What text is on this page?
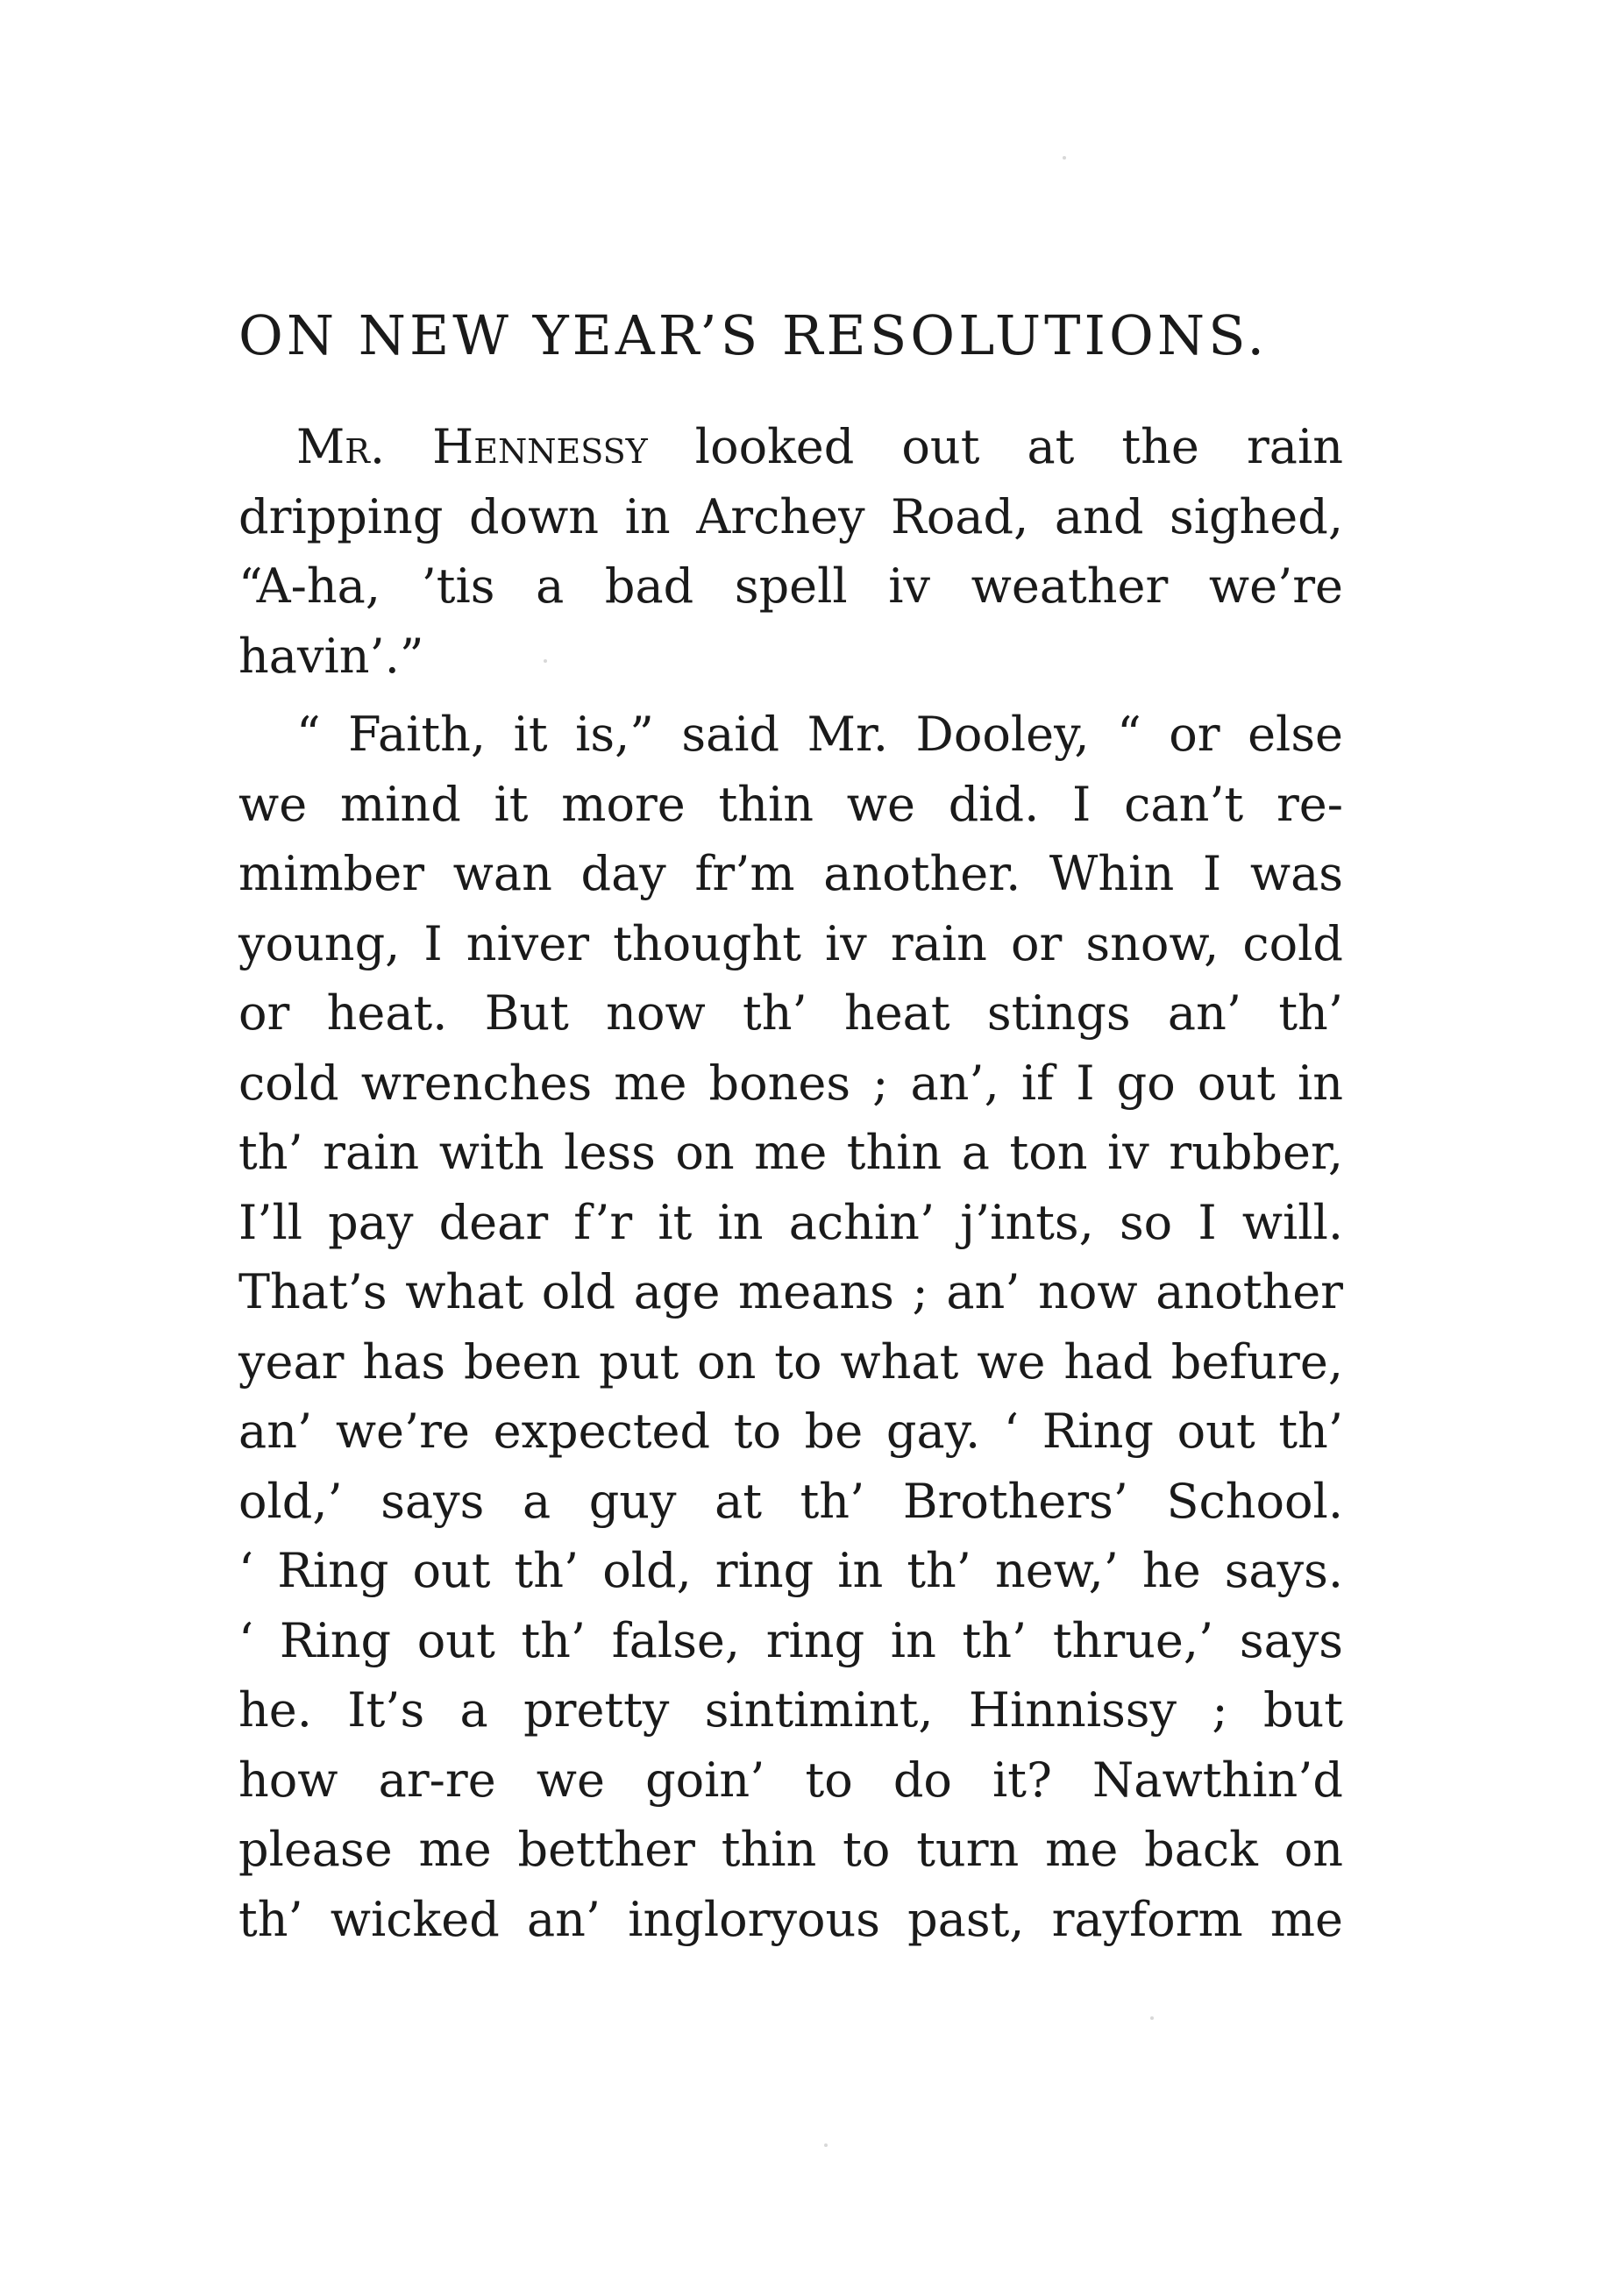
ON NEW YEAR’S RESOLUTIONS.
Mr. Hennessy looked out at the rain
dripping down in Archey Road, and sighed,
“A-ha, ’tis a bad spell iv weather we’re
havin’.”
“ Faith, it is,” said Mr. Dooley, “ or else
we mind it more thin we did. I can’t re-
mimber wan day fr’m another. Whin I was
young, I niver thought iv rain or snow, cold
or heat. But now th’ heat stings an’ th’
cold wrenches me bones ; an’, if I go out in
th’ rain with less on me thin a ton iv rubber,
I’ll pay dear f’r it in achin’ j’ints, so I will.
That’s what old age means ; an’ now another
year has been put on to what we had befure,
an’ we’re expected to be gay. ‘ Ring out th’
old,’ says a guy at th’ Brothers’ School.
‘ Ring out th’ old, ring in th’ new,’ he says.
‘ Ring out th’ false, ring in th’ thrue,’ says
he. It’s a pretty sintimint, Hinnissy ; but
how ar-re we goin’ to do it? Nawthin’d
please me betther thin to turn me back on
th’ wicked an’ ingloryous past, rayform me
